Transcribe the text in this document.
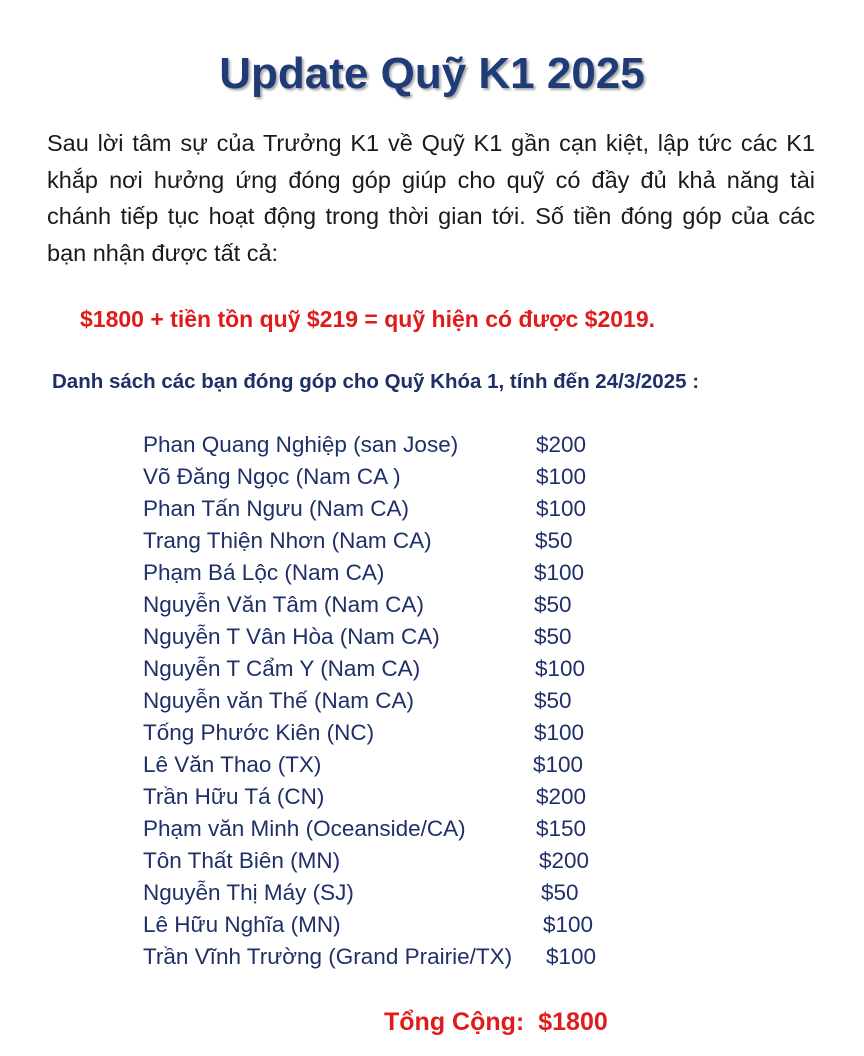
Update Quỹ K1 2025

Sau lời tâm sự của Trưởng K1 về Quỹ K1 gần cạn kiệt, lập tức các K1 khắp nơi hưởng ứng đóng góp giúp cho quỹ có đầy đủ khả năng tài chánh tiếp tục hoạt động trong thời gian tới. Số tiền đóng góp của các bạn nhận được tất cả:

$1800 + tiền tồn quỹ $219 = quỹ hiện có được $2019.

Danh sách các bạn đóng góp cho Quỹ Khóa 1, tính đến 24/3/2025 :

Phan Quang Nghiệp (san Jose)	$200
Võ Đăng Ngọc (Nam CA )	$100
Phan Tấn Ngưu (Nam CA)	$100
Trang Thiện Nhơn (Nam CA)	$50
Phạm Bá Lộc (Nam CA)	$100
Nguyễn Văn Tâm (Nam CA)	$50
Nguyễn T Vân Hòa (Nam CA)	$50
Nguyễn T Cẩm Y (Nam CA)	$100
Nguyễn văn Thế (Nam CA)	$50
Tống Phước Kiên (NC)	$100
Lê Văn Thao (TX)	$100
Trần Hữu Tá (CN)	$200
Phạm văn Minh (Oceanside/CA)	$150
Tôn Thất Biên (MN)	$200
Nguyễn Thị Máy (SJ)	$50
Lê Hữu Nghĩa (MN)	$100
Trần Vĩnh Trường (Grand Prairie/TX) $100

Tổng Cộng: $1800
